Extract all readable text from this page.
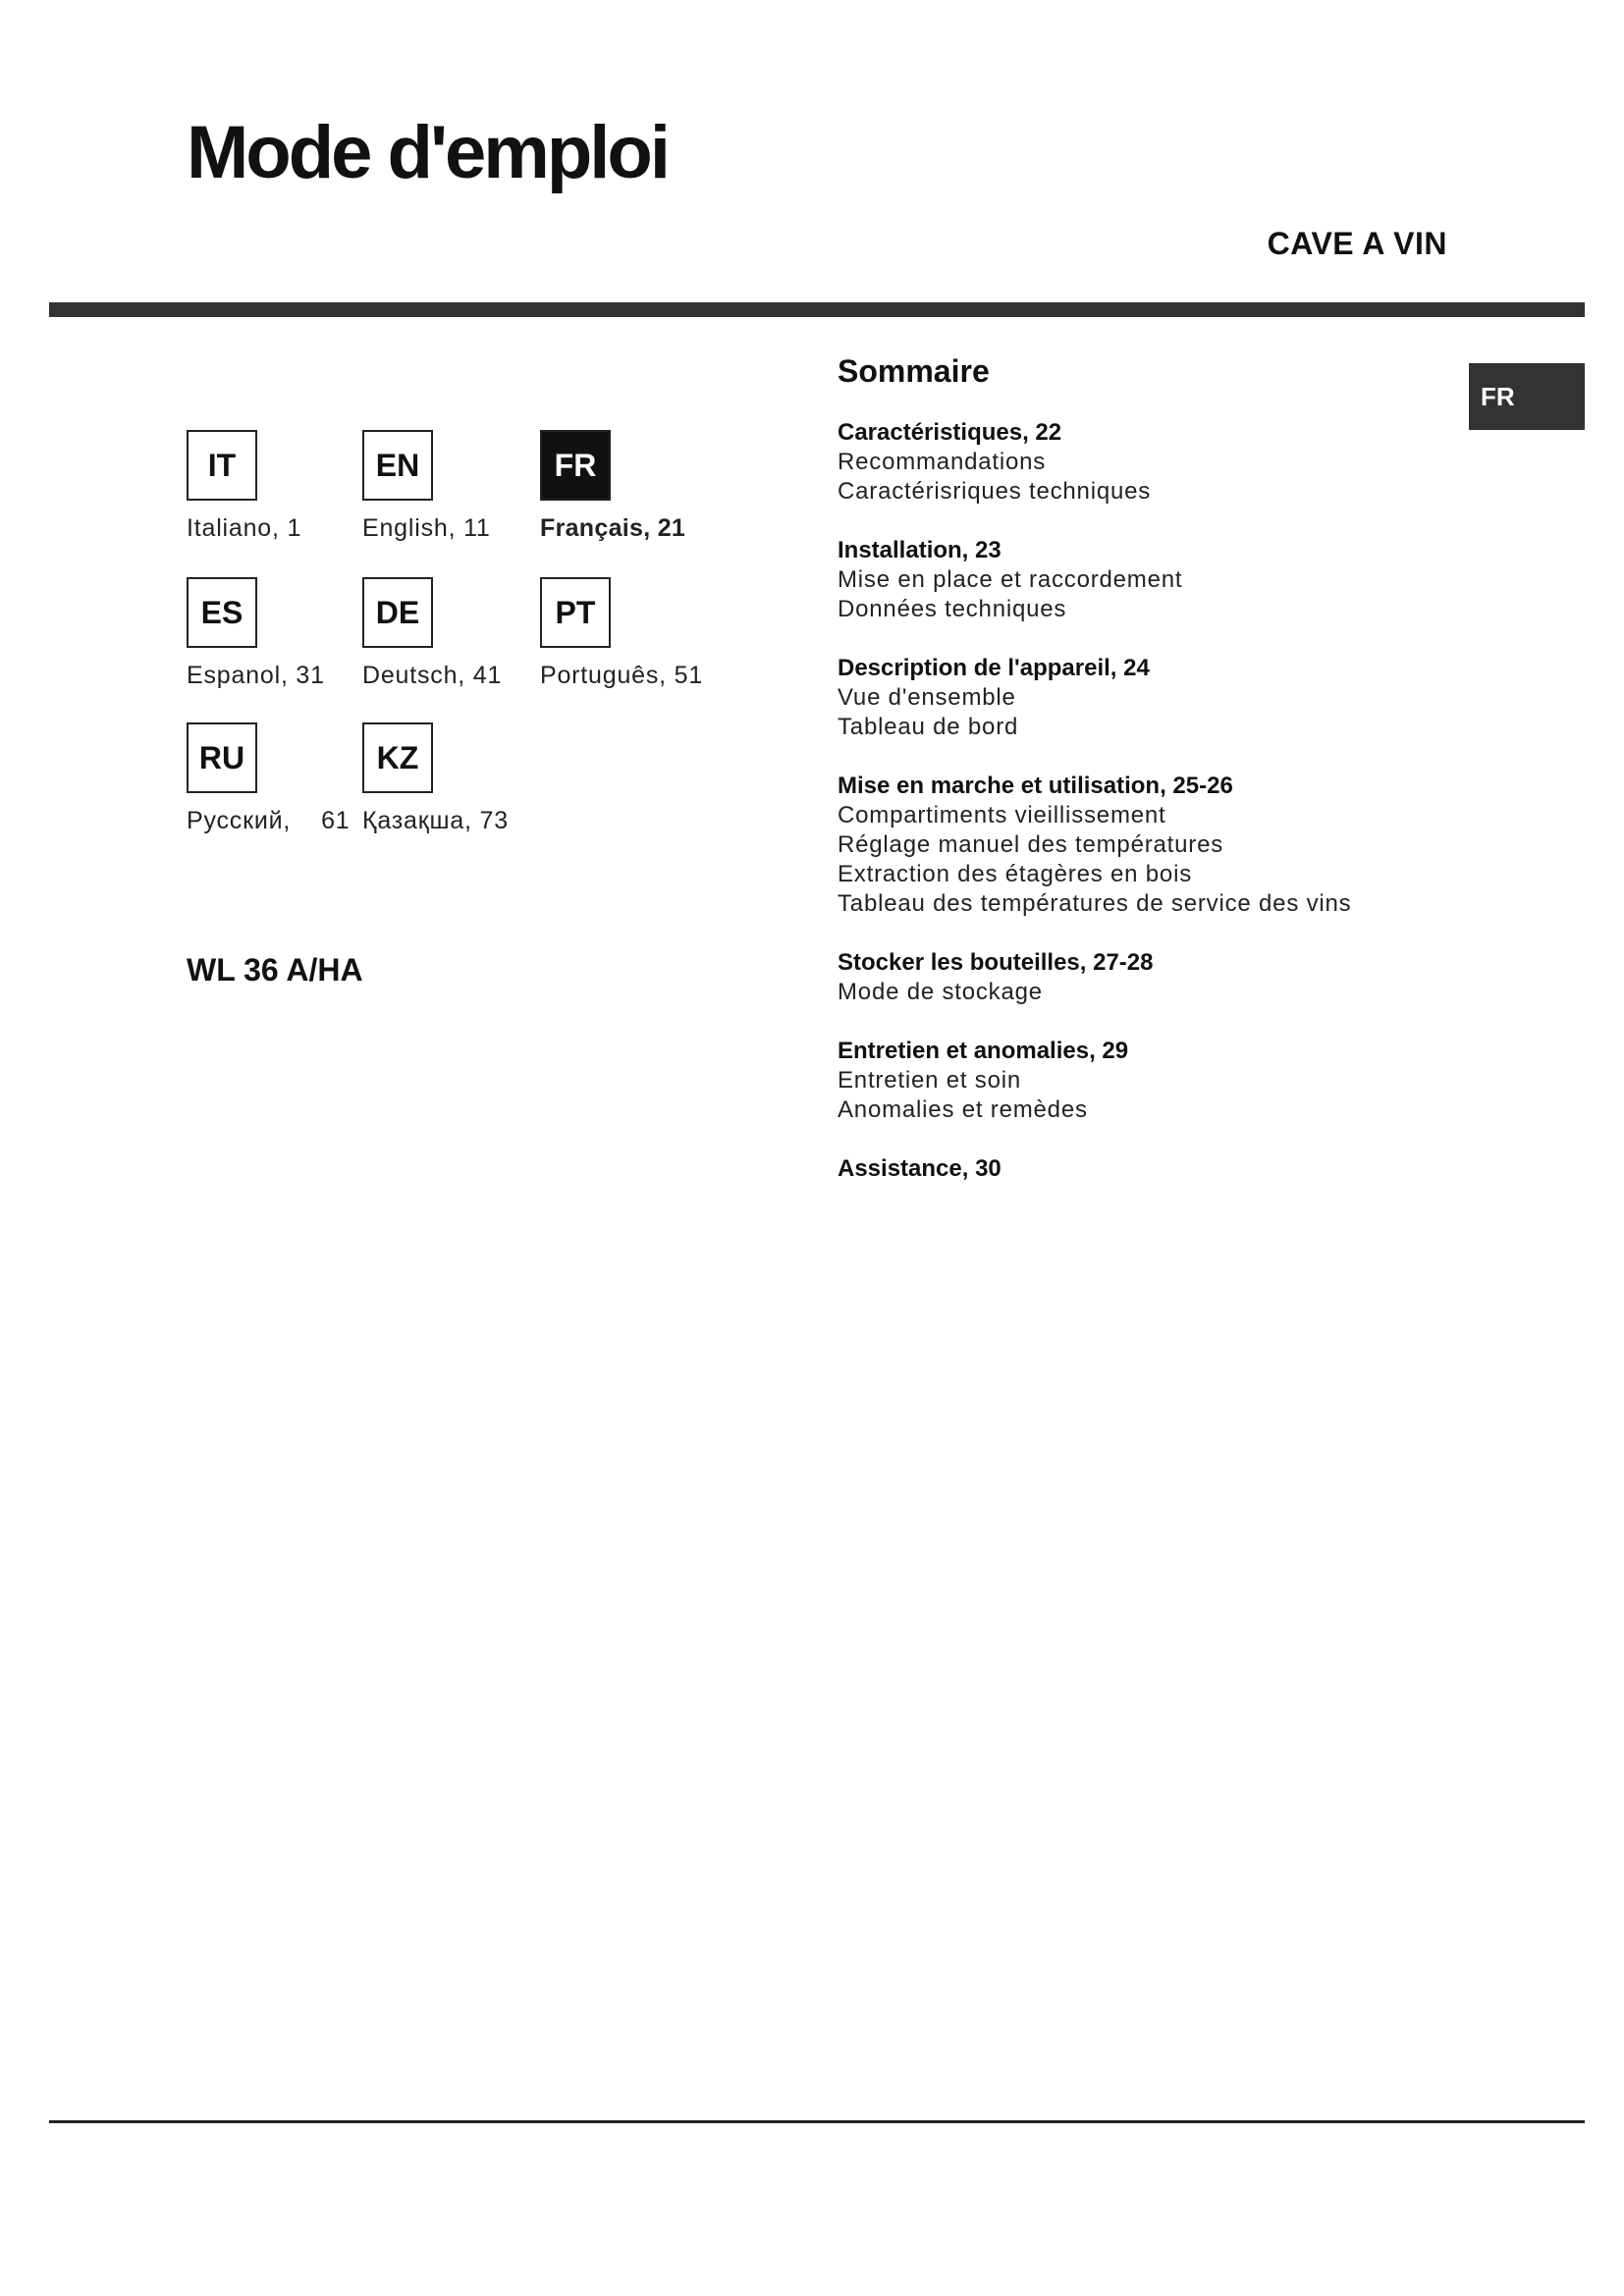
Mode d'emploi
CAVE A VIN
FR
IT
Italiano, 1
EN
English, 11
FR
Français, 21
ES
Espanol, 31
DE
Deutsch, 41
PT
Português, 51
RU
Русский,    61
KZ
Қазақша, 73
WL 36 A/HA
Sommaire
Caractéristiques, 22
Recommandations
Caractérisriques techniques
Installation, 23
Mise en place et raccordement
Données techniques
Description de l'appareil, 24
Vue d'ensemble
Tableau de bord
Mise en marche et utilisation, 25-26
Compartiments vieillissement
Réglage manuel des températures
Extraction des étagères en bois
Tableau des températures de service des vins
Stocker les bouteilles, 27-28
Mode de stockage
Entretien et anomalies, 29
Entretien et soin
Anomalies et remèdes
Assistance, 30
